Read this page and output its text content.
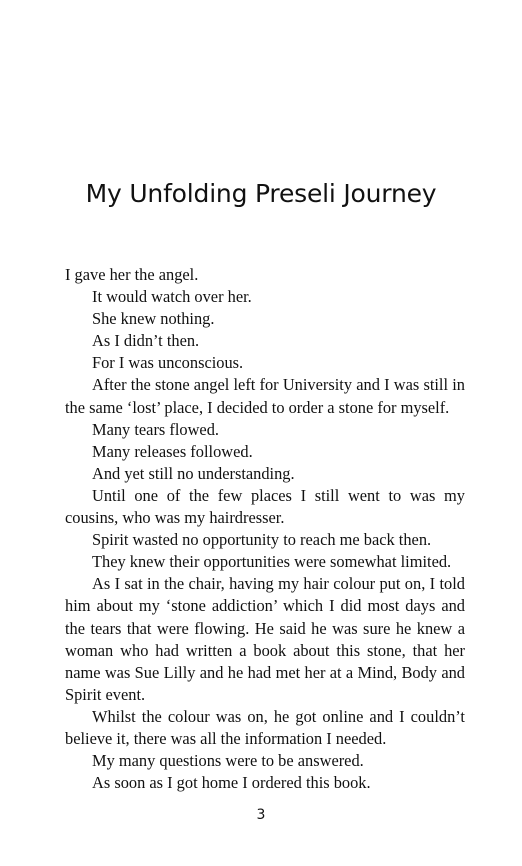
My Unfolding Preseli Journey

I gave her the angel.

It would watch over her.

She knew nothing.

As I didn’t then.

For I was unconscious.

After the stone angel left for University and I was still in the same ‘lost’ place, I decided to order a stone for myself.

Many tears flowed.

Many releases followed.

And yet still no understanding.

Until one of the few places I still went to was my cousins, who was my hairdresser.

Spirit wasted no opportunity to reach me back then.

They knew their opportunities were somewhat limited.

As I sat in the chair, having my hair colour put on, I told him about my ‘stone addiction’ which I did most days and the tears that were flowing. He said he was sure he knew a woman who had written a book about this stone, that her name was Sue Lilly and he had met her at a Mind, Body and Spirit event.

Whilst the colour was on, he got online and I couldn’t believe it, there was all the information I needed.

My many questions were to be answered.

As soon as I got home I ordered this book.

3
